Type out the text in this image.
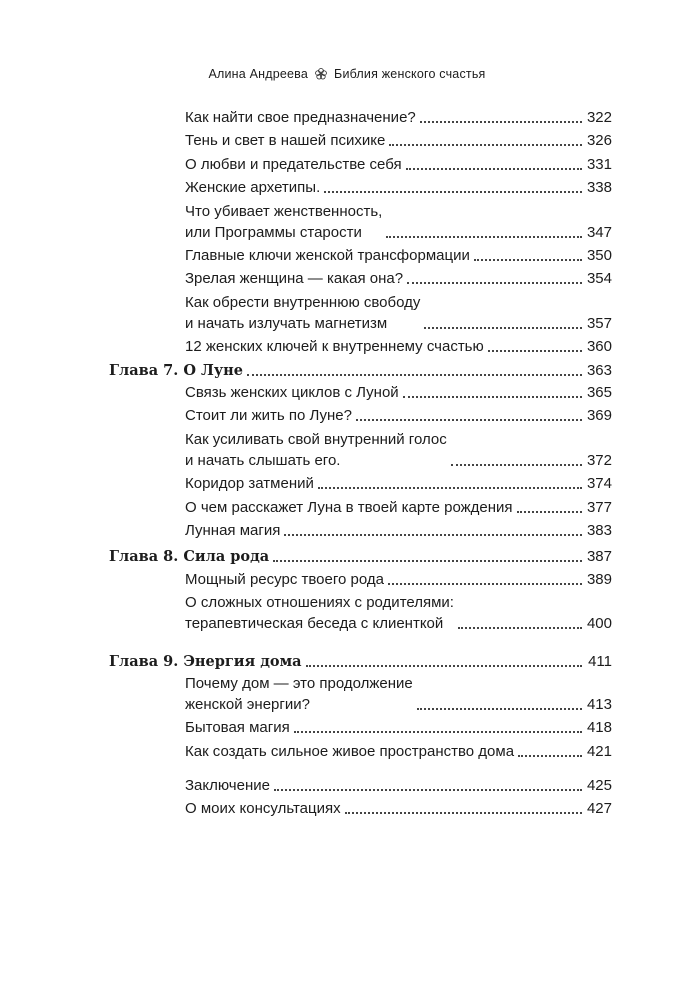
Алина Андреева Библия женского счастья
Как найти свое предназначение?	322
Тень и свет в нашей психике	326
О любви и предательстве себя	331
Женские архетипы.	338
Что убивает женственность,
или Программы старости	347
Главные ключи женской трансформации	350
Зрелая женщина — какая она?	354
Как обрести внутреннюю свободу
и начать излучать магнетизм	357
12 женских ключей к внутреннему счастью	360
Глава 7. О Луне	363
Связь женских циклов с Луной	365
Стоит ли жить по Луне?	369
Как усиливать свой внутренний голос
и начать слышать его.	372
Коридор затмений	374
О чем расскажет Луна в твоей карте рождения	377
Лунная магия	383
Глава 8. Сила рода	387
Мощный ресурс твоего рода	389
О сложных отношениях с родителями:
терапевтическая беседа с клиенткой	400
Глава 9. Энергия дома	411
Почему дом — это продолжение
женской энергии?	413
Бытовая магия	418
Как создать сильное живое пространство дома	421
Заключение	425
О моих консультациях	427
